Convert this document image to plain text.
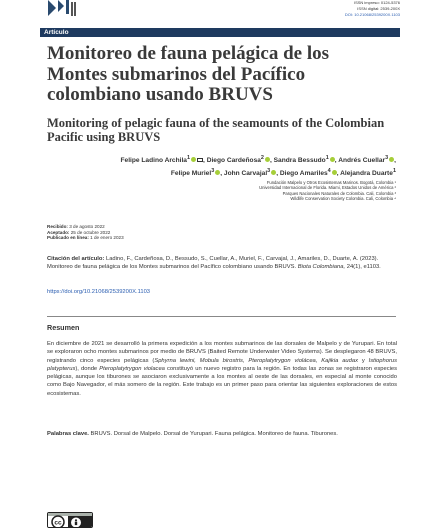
ISSN impreso: 0124-5376
ISSN digital: 2539-200X
DOI: 10.21068/2539200X.1103
Artículo
Monitoreo de fauna pelágica de los Montes submarinos del Pacífico colombiano usando BRUVS
Monitoring of pelagic fauna of the seamounts of the Colombian Pacific using BRUVS
Felipe Ladino Archila$^1$ , Diego Cardeñosa$^2$ , Sandra Bessudo$^1$ , Andrés Cuellar$^3$ ,
Felipe Muriel$^3$ , John Carvajal$^3$ , Diego Amariles$^4$ , Alejandra Duarte$^1$
Fundación Malpelo y Otros Ecosistemas Marinos. Bogotá, Colombia ¹
Universidad Internacional de Florida. Miami, Estados Unidos de América ²
Parques Nacionales Naturales de Colombia. Cali, Colombia ³
Wildlife Conservation Society Colombia. Cali, Colombia ⁴
Recibido: 3 de agosto 2022
Aceptado: 25 de octubre 2022
Publicado en línea: 1 de enero 2023

Citación del artículo: Ladino, F., Cardeñosa, D., Bessudo, S., Cuellar, A., Muriel, F., Carvajal, J., Amariles, D., Duarte, A. (2023). Monitoreo de fauna pelágica de los Montes submarinos del Pacífico colombiano usando BRUVS. Biota Colombiana, 24(1), e1103.

https://doi.org/10.21068/2539200X.1103
Resumen

En diciembre de 2021 se desarrolló la primera expedición a los montes submarinos de las dorsales de Malpelo y de Yurupari. En total se exploraron ocho montes submarinos por medio de BRUVS (Baited Remote Underwater Video Systems). Se desplegaron 48 BRUVS, registrando cinco especies pelágicas (Sphyrna lewini, Mobula birostris, Pteroplatytrygon violácea, Kajikia audax y Istiophorus platypterus), donde Pteroplatytrygon violacea constituyó un nuevo registro para la región. En todas las zonas se registraron especies pelágicas, aunque los tiburones se asociaron exclusivamente a los montes al oeste de las dorsales, en especial al monte conocido como Bajo Navegador, el más somero de la región. Este trabajo es un primer paso para orientar las siguientes exploraciones de estos ecosistemas.

Palabras clave. BRUVS. Dorsal de Malpelo. Dorsal de Yurupari. Fauna pelágica. Monitoreo de fauna. Tiburones.

cc
